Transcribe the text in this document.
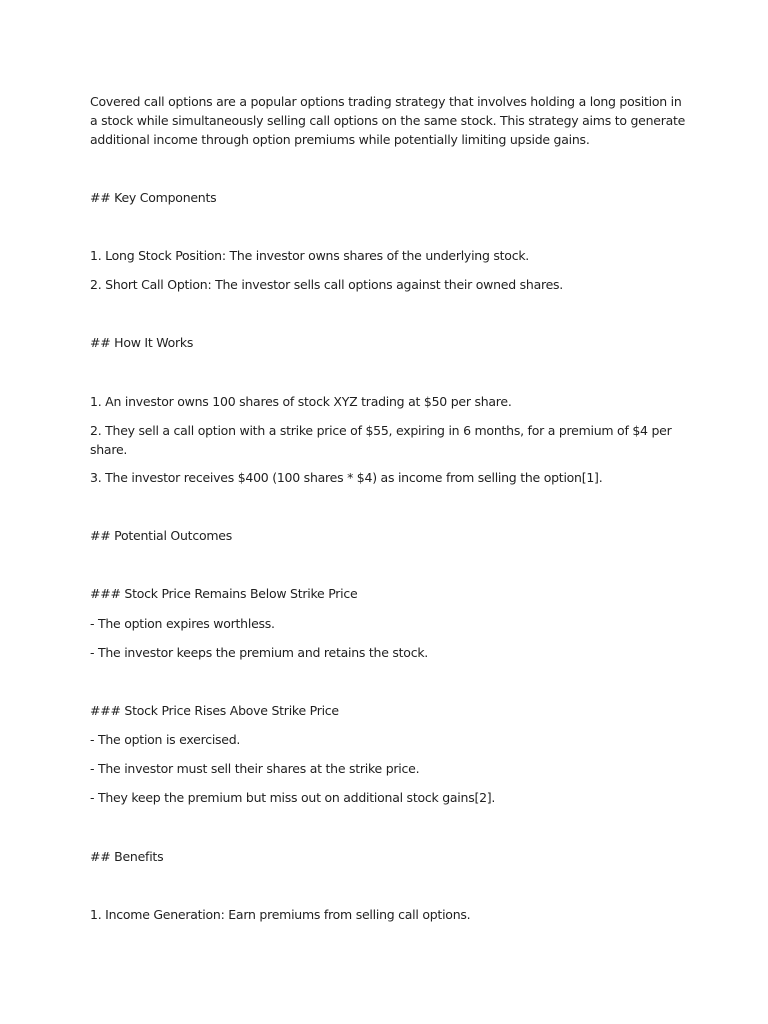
Covered call options are a popular options trading strategy that involves holding a long position in a stock while simultaneously selling call options on the same stock. This strategy aims to generate additional income through option premiums while potentially limiting upside gains.

## Key Components

1. Long Stock Position: The investor owns shares of the underlying stock.

2. Short Call Option: The investor sells call options against their owned shares.

## How It Works

1. An investor owns 100 shares of stock XYZ trading at $50 per share.

2. They sell a call option with a strike price of $55, expiring in 6 months, for a premium of $4 per share.

3. The investor receives $400 (100 shares * $4) as income from selling the option[1].

## Potential Outcomes

### Stock Price Remains Below Strike Price

- The option expires worthless.

- The investor keeps the premium and retains the stock.

### Stock Price Rises Above Strike Price

- The option is exercised.

- The investor must sell their shares at the strike price.

- They keep the premium but miss out on additional stock gains[2].

## Benefits

1. Income Generation: Earn premiums from selling call options.
